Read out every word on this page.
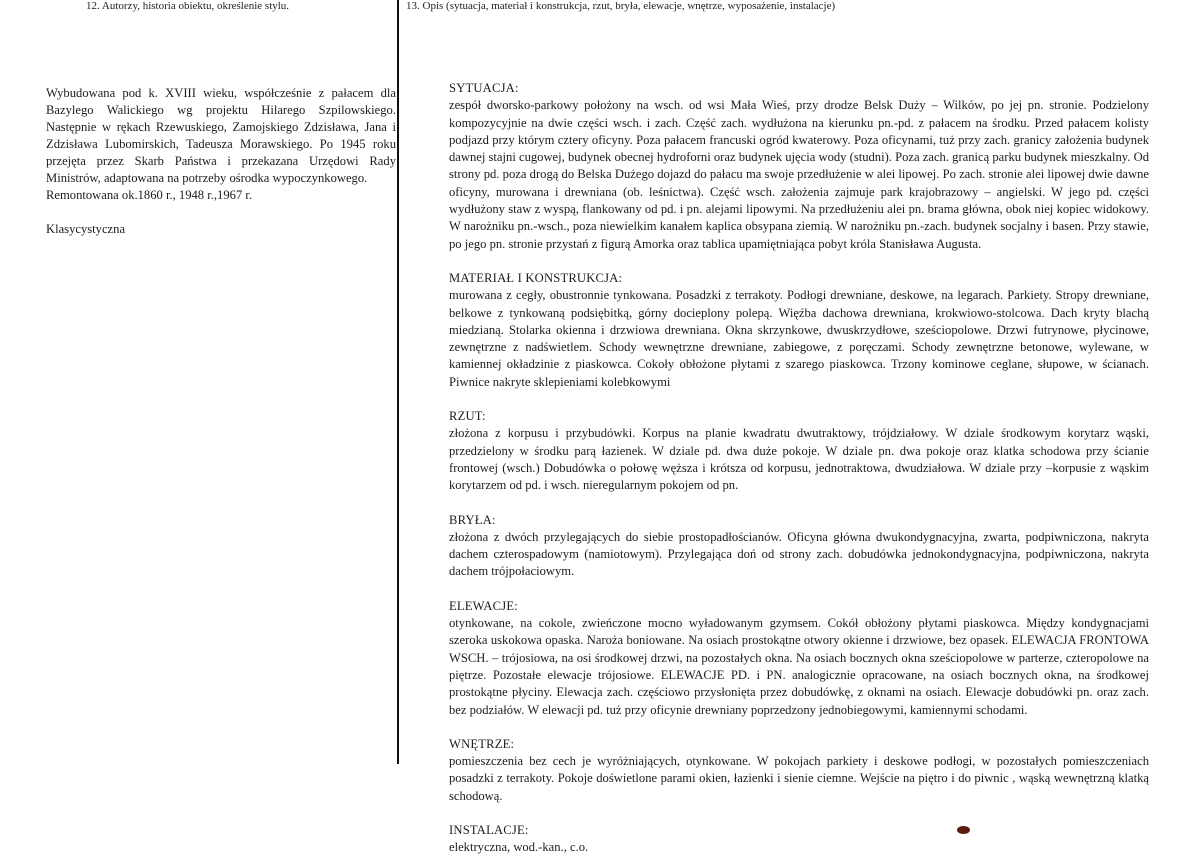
12. Autorzy, historia obiektu, określenie stylu.	13. Opis (sytuacja, materiał i konstrukcja, rzut, bryła, elewacje, wnętrze, wyposażenie, instalacje)

Wybudowana pod k. XVIII wieku, współcześnie z pałacem dla Bazylego Walickiego wg projektu Hilarego Szpilowskiego. Następnie w rękach Rzewuskiego, Zamojskiego Zdzisława, Jana i Zdzisława Lubomirskich, Tadeusza Morawskiego. Po 1945 roku przejęta przez Skarb Państwa i przekazana Urzędowi Rady Ministrów, adaptowana na potrzeby ośrodka wypoczynkowego.

Remontowana ok.1860 r., 1948 r.,1967 r.

Klasycystyczna

SYTUACJA:

zespół dworsko-parkowy położony na wsch. od wsi Mała Wieś, przy drodze Belsk Duży – Wilków, po jej pn. stronie. Podzielony kompozycyjnie na dwie części wsch. i zach. Część zach. wydłużona na kierunku pn.-pd. z pałacem na środku. Przed pałacem kolisty podjazd przy którym cztery oficyny. Poza pałacem francuski ogród kwaterowy. Poza oficynami, tuż przy zach. granicy założenia budynek dawnej stajni cugowej, budynek obecnej hydroforni oraz budynek ujęcia wody (studni). Poza zach. granicą parku budynek mieszkalny. Od strony pd. poza drogą do Belska Dużego dojazd do pałacu ma swoje przedłużenie w alei lipowej. Po zach. stronie alei lipowej dwie dawne oficyny, murowana i drewniana (ob. leśnictwa). Część wsch. założenia zajmuje park krajobrazowy – angielski. W jego pd. części wydłużony staw z wyspą, flankowany od pd. i pn. alejami lipowymi. Na przedłużeniu alei pn. brama główna, obok niej kopiec widokowy. W narożniku pn.-wsch., poza niewielkim kanałem kaplica obsypana ziemią. W narożniku pn.-zach. budynek socjalny i basen. Przy stawie, po jego pn. stronie przystań z figurą Amorka oraz tablica upamiętniająca pobyt króla Stanisława Augusta.

MATERIAŁ I KONSTRUKCJA:

murowana z cegły, obustronnie tynkowana. Posadzki z terrakoty. Podłogi drewniane, deskowe, na legarach. Parkiety. Stropy drewniane, belkowe z tynkowaną podsiębitką, górny docieplony polepą. Więźba dachowa drewniana, krokwiowo-stolcowa. Dach kryty blachą miedzianą. Stolarka okienna i drzwiowa drewniana. Okna skrzynkowe, dwuskrzydłowe, sześciopolowe. Drzwi futrynowe, płycinowe, zewnętrzne z nadświetlem. Schody wewnętrzne drewniane, zabiegowe, z poręczami. Schody zewnętrzne betonowe, wylewane, w kamiennej okładzinie z piaskowca. Cokoły obłożone płytami z szarego piaskowca. Trzony kominowe ceglane, słupowe, w ścianach. Piwnice nakryte sklepieniami kolebkowymi

RZUT:

złożona z korpusu i przybudówki. Korpus na planie kwadratu dwutraktowy, trójdziałowy. W dziale środkowym korytarz wąski, przedzielony w środku parą łazienek. W dziale pd. dwa duże pokoje. W dziale pn. dwa pokoje oraz klatka schodowa przy ścianie frontowej (wsch.) Dobudówka o połowę węższa i krótsza od korpusu, jednotraktowa, dwudziałowa. W dziale przy –korpusie z wąskim korytarzem od pd. i wsch. nieregularnym pokojem od pn.

BRYŁA:

złożona z dwóch przylegających do siebie prostopadłościanów. Oficyna główna dwukondygnacyjna, zwarta, podpiwniczona, nakryta dachem czterospadowym (namiotowym). Przylegająca doń od strony zach. dobudówka jednokondygnacyjna, podpiwniczona, nakryta dachem trójpołaciowym.

ELEWACJE:

otynkowane, na cokole, zwieńczone mocno wyładowanym gzymsem. Cokół obłożony płytami piaskowca. Między kondygnacjami szeroka uskokowa opaska. Naroża boniowane. Na osiach prostokątne otwory okienne i drzwiowe, bez opasek. ELEWACJA FRONTOWA WSCH. – trójosiowa, na osi środkowej drzwi, na pozostałych okna. Na osiach bocznych okna sześciopolowe w parterze, czteropolowe na piętrze. Pozostałe elewacje trójosiowe. ELEWACJE PD. i PN. analogicznie opracowane, na osiach bocznych okna, na środkowej prostokątne płyciny. Elewacja zach. częściowo przysłonięta przez dobudówkę, z oknami na osiach. Elewacje dobudówki pn. oraz zach. bez podziałów. W elewacji pd. tuż przy oficynie drewniany poprzedzony jednobiegowymi, kamiennymi schodami.

WNĘTRZE:

pomieszczenia bez cech je wyróżniających, otynkowane. W pokojach parkiety i deskowe podłogi, w pozostałych pomieszczeniach posadzki z terrakoty. Pokoje doświetlone parami okien, łazienki i sienie ciemne. Wejście na piętro i do piwnic , wąską wewnętrzną klatką schodową.

INSTALACJE:

elektryczna, wod.-kan., c.o.
